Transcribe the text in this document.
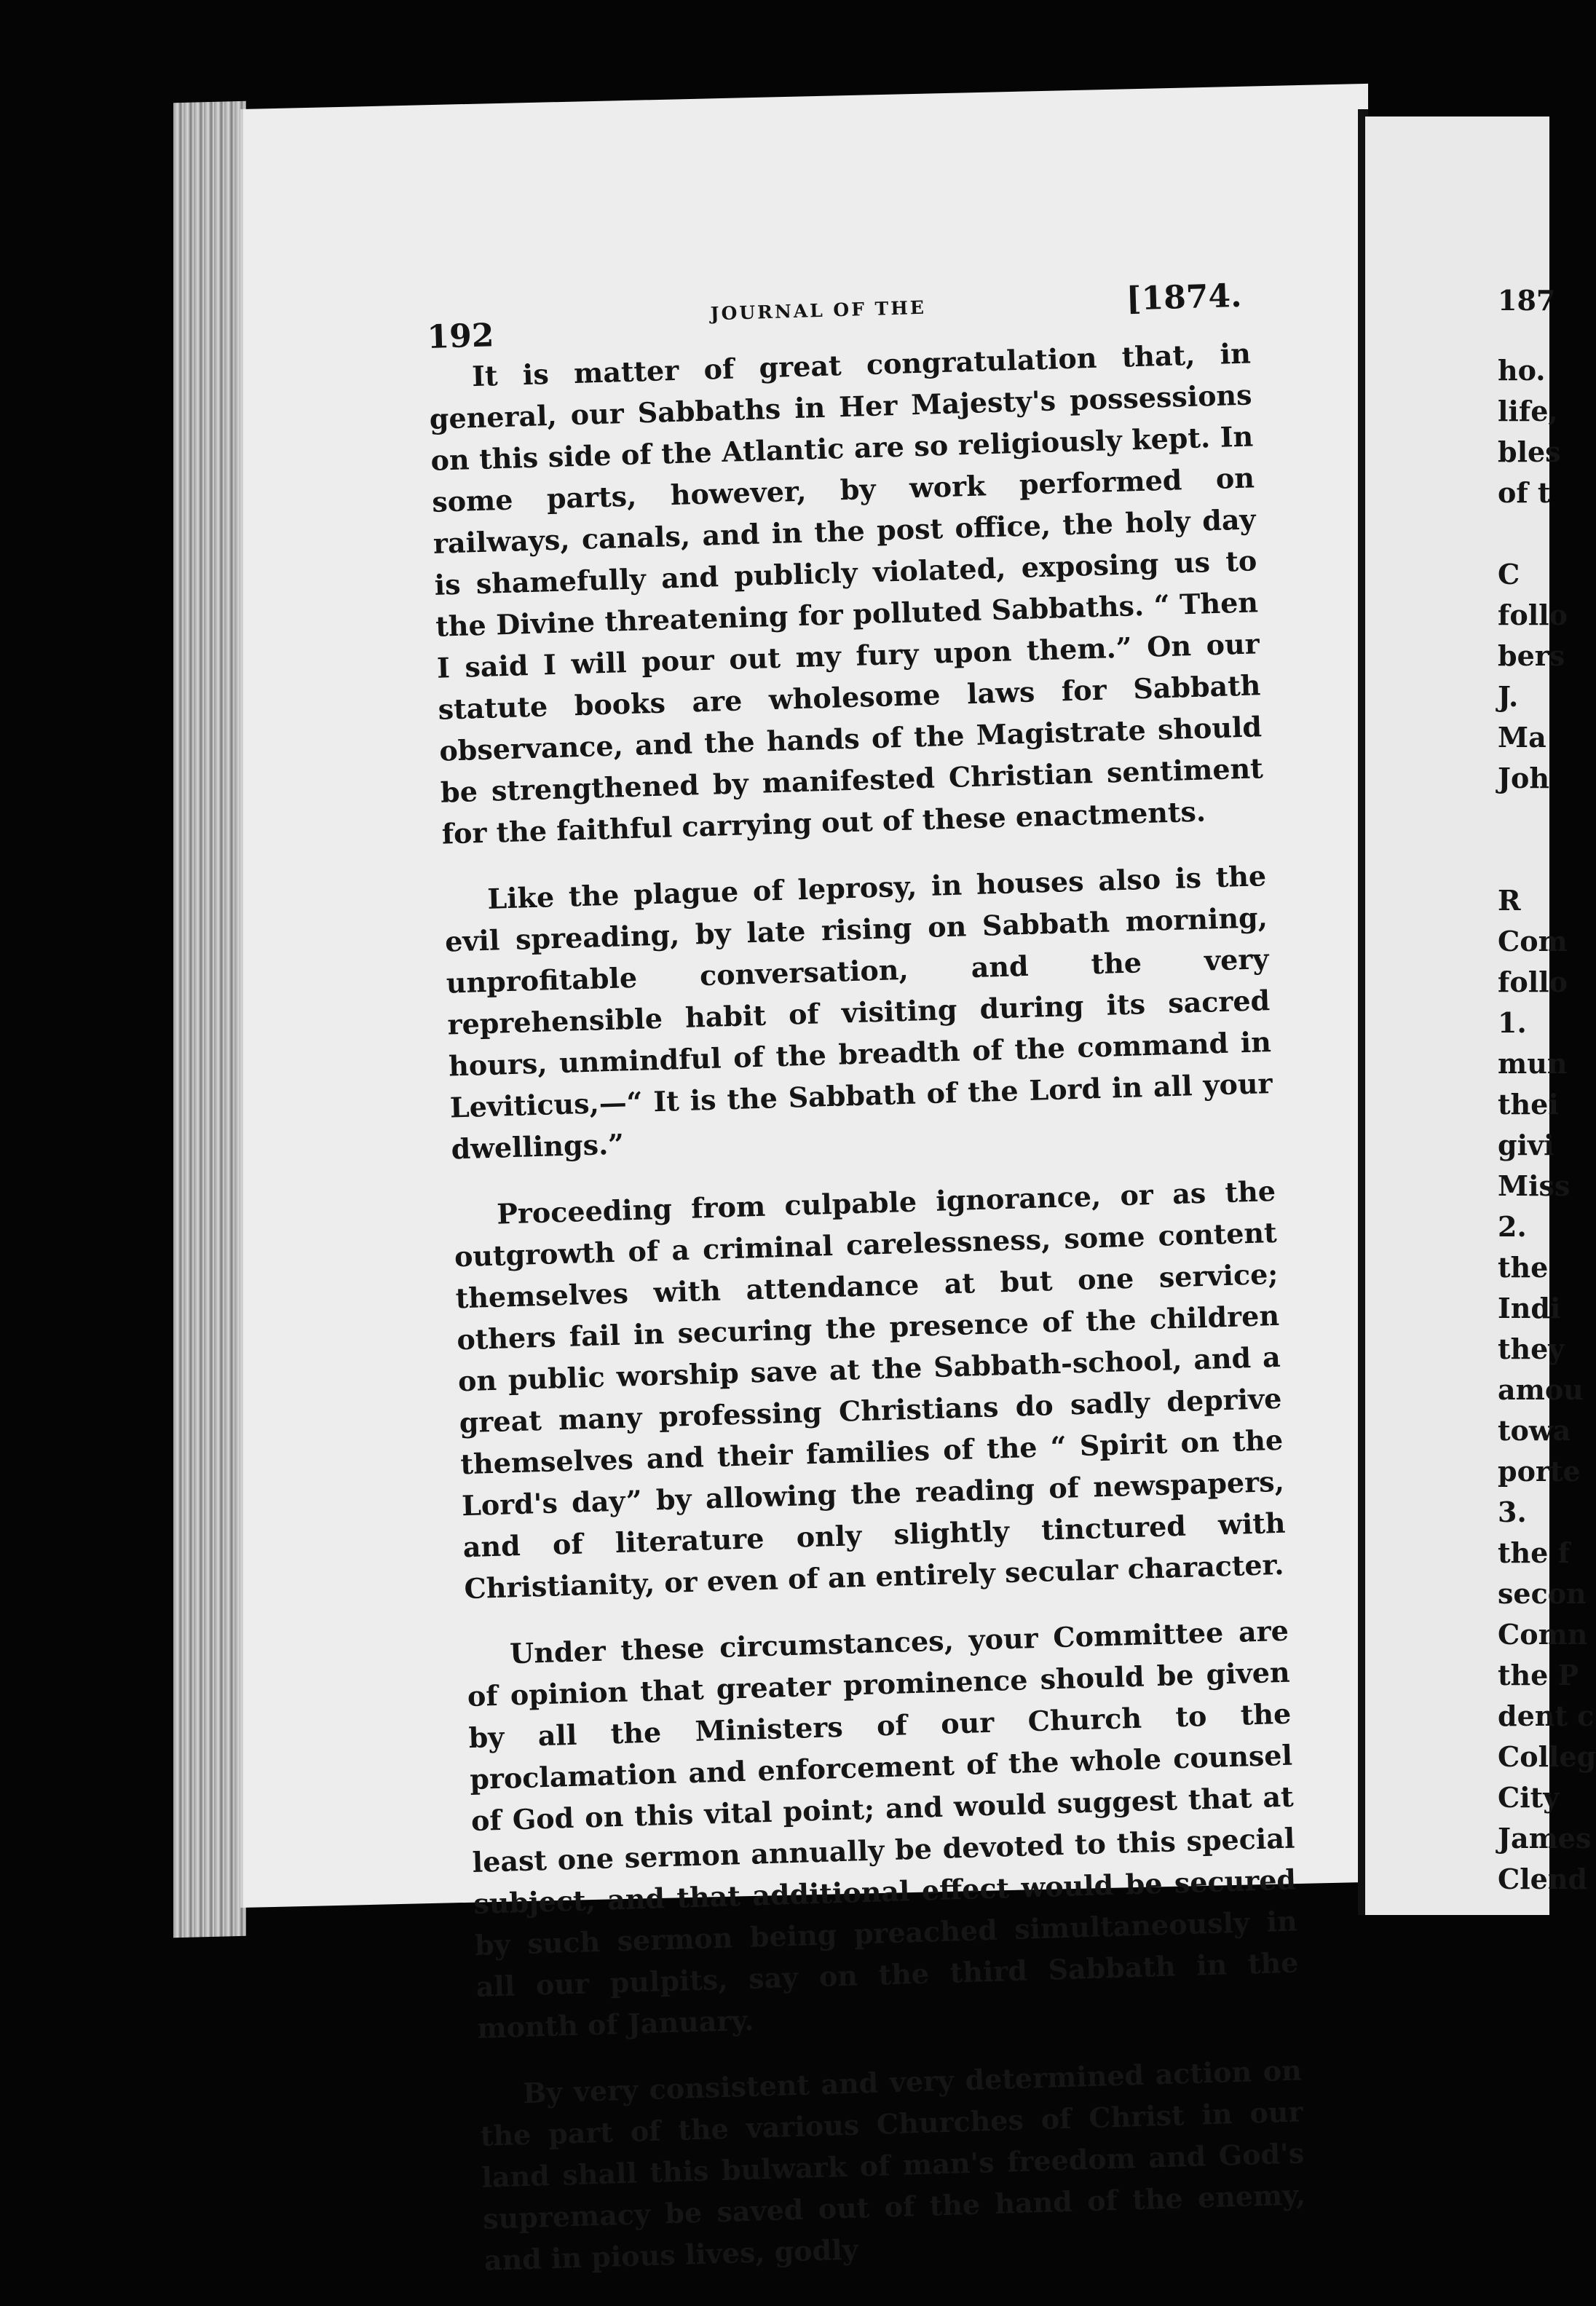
192
JOURNAL OF THE	[1874.

It is matter of great congratulation that, in general, our Sabbaths in Her Majesty's possessions on this side of the Atlantic are so religiously kept. In some parts, however, by work performed on railways, canals, and in the post office, the holy day is shamefully and publicly violated, exposing us to the Divine threatening for polluted Sabbaths. “ Then I said I will pour out my fury upon them.” On our statute books are wholesome laws for Sabbath observance, and the hands of the Magistrate should be strengthened by manifested Christian sentiment for the faithful carrying out of these enactments.

Like the plague of leprosy, in houses also is the evil spreading, by late rising on Sabbath morning, unprofitable conversation, and the very reprehensible habit of visiting during its sacred hours, unmindful of the breadth of the command in Leviticus,—“ It is the Sabbath of the Lord in all your dwellings.”

Proceeding from culpable ignorance, or as the outgrowth of a criminal carelessness, some content themselves with attendance at but one service; others fail in securing the presence of the children on public worship save at the Sabbath-school, and a great many professing Christians do sadly deprive themselves and their families of the “ Spirit on the Lord's day” by allowing the reading of newspapers, and of literature only slightly tinctured with Christianity, or even of an entirely secular character.

Under these circumstances, your Committee are of opinion that greater prominence should be given by all the Ministers of our Church to the proclamation and enforcement of the whole counsel of God on this vital point; and would suggest that at least one sermon annually be devoted to this special subject, and that additional effect would be secured by such sermon being preached simultaneously in all our pulpits, say on the third Sabbath in the month of January.

By very consistent and very determined action on the part of the various Churches of Christ in our land shall this bulwark of man's freedom and God's supremacy be saved out of the hand of the enemy, and in pious lives, godly

187
ho.
life,
bles
of t
C
follo
bers
J.
Ma
Joh
R
Com
follo
1.
mun
thei
givi
Miss
2.
the
Indi
they
amou
towa
porte
3.
the f
secon
Comn
the P
dent c
Colleg
City
James
Clend
